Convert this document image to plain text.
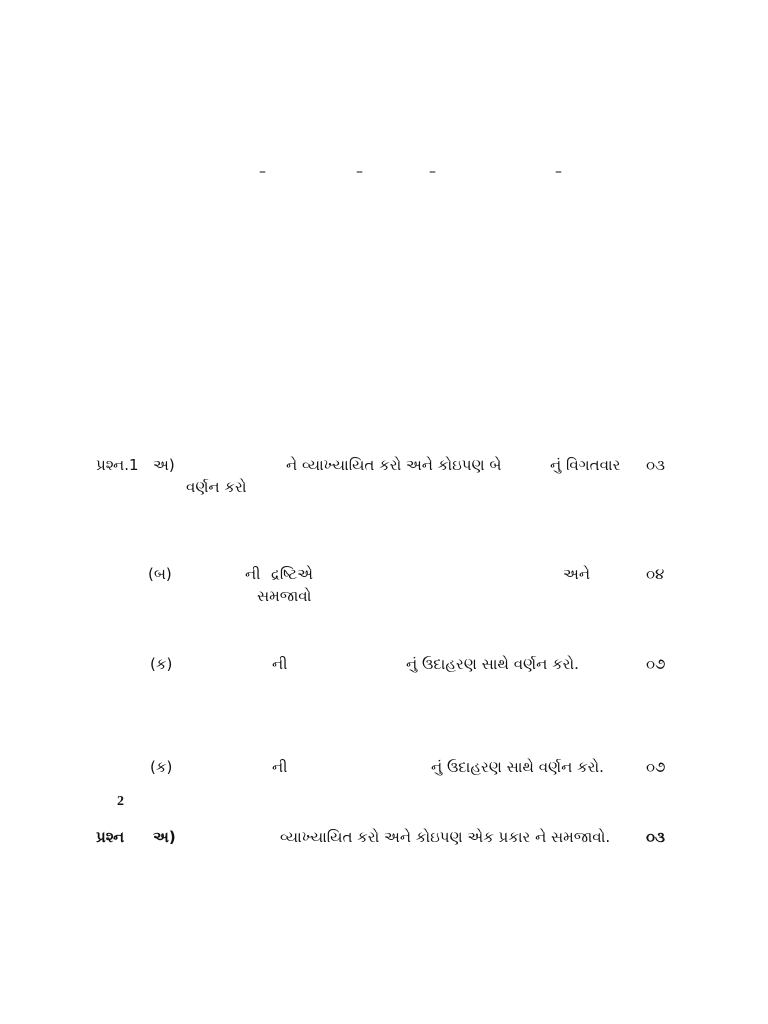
–	–	–	–
પ્રશ્ન.1 અ)	ને વ્યાખ્યાયિત કરો અને કોઇપણ બે	નું વિગતવાર ૦૩
વર્ણન કરો
(બ)	ની દ્રષ્ટિએ	અને	૦૪
સમજાવો
(ક)	ની	નું ઉદાહરણ સાથે વર્ણન કરો.	૦૭
(ક)	ની	નું ઉદાહરણ સાથે વર્ણન કરો.	૦૭
2
પ્રશ્ન અ)	વ્યાખ્યાયિત કરો અને કોઇપણ એક પ્રકાર ને સમજાવો. ૦૩
